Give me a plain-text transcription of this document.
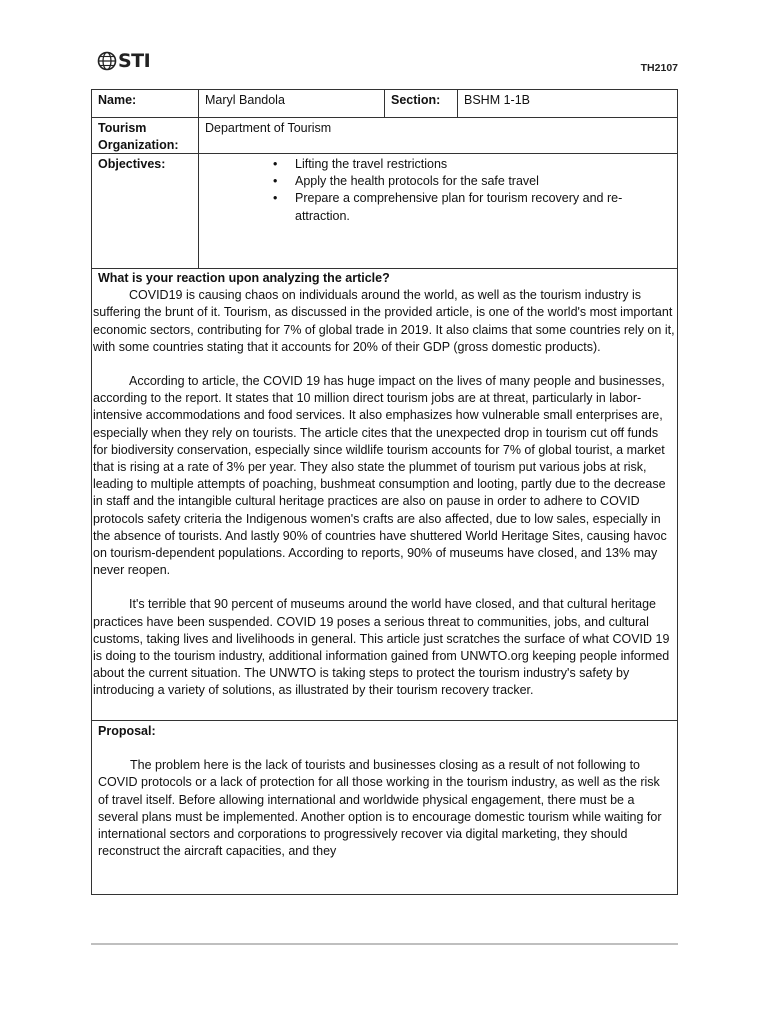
STI	TH2107
Name:	Maryl Bandola	Section:	BSHM 1-1B
Tourism Organization:
Department of Tourism
Objectives:
•	Lifting the travel restrictions
• Apply the health protocols for the safe travel
• Prepare a comprehensive plan for tourism recovery and re-attraction.
What is your reaction upon analyzing the article?

COVID19 is causing chaos on individuals around the world, as well as the tourism industry is suffering the brunt of it. Tourism, as discussed in the provided article, is one of the world's most important economic sectors, contributing for 7% of global trade in 2019. It also claims that some countries rely on it, with some countries stating that it accounts for 20% of their GDP (gross domestic products).

According to article, the COVID 19 has huge impact on the lives of many people and businesses, according to the report. It states that 10 million direct tourism jobs are at threat, particularly in labor-intensive accommodations and food services. It also emphasizes how vulnerable small enterprises are, especially when they rely on tourists. The article cites that the unexpected drop in tourism cut off funds for biodiversity conservation, especially since wildlife tourism accounts for 7% of global tourist, a market that is rising at a rate of 3% per year. They also state the plummet of tourism put various jobs at risk, leading to multiple attempts of poaching, bushmeat consumption and looting, partly due to the decrease in staff and the intangible cultural heritage practices are also on pause in order to adhere to COVID protocols safety criteria the Indigenous women's crafts are also affected, due to low sales, especially in the absence of tourists. And lastly 90% of countries have shuttered World Heritage Sites, causing havoc on tourism-dependent populations. According to reports, 90% of museums have closed, and 13% may never reopen.

It's terrible that 90 percent of museums around the world have closed, and that cultural heritage practices have been suspended. COVID 19 poses a serious threat to communities, jobs, and cultural customs, taking lives and livelihoods in general. This article just scratches the surface of what COVID 19 is doing to the tourism industry, additional information gained from UNWTO.org keeping people informed about the current situation. The UNWTO is taking steps to protect the tourism industry's safety by introducing a variety of solutions, as illustrated by their tourism recovery tracker.

Proposal:

The problem here is the lack of tourists and businesses closing as a result of not following to COVID protocols or a lack of protection for all those working in the tourism industry, as well as the risk of travel itself. Before allowing international and worldwide physical engagement, there must be a several plans must be implemented. Another option is to encourage domestic tourism while waiting for international sectors and corporations to progressively recover via digital marketing, they should reconstruct the aircraft capacities, and they
